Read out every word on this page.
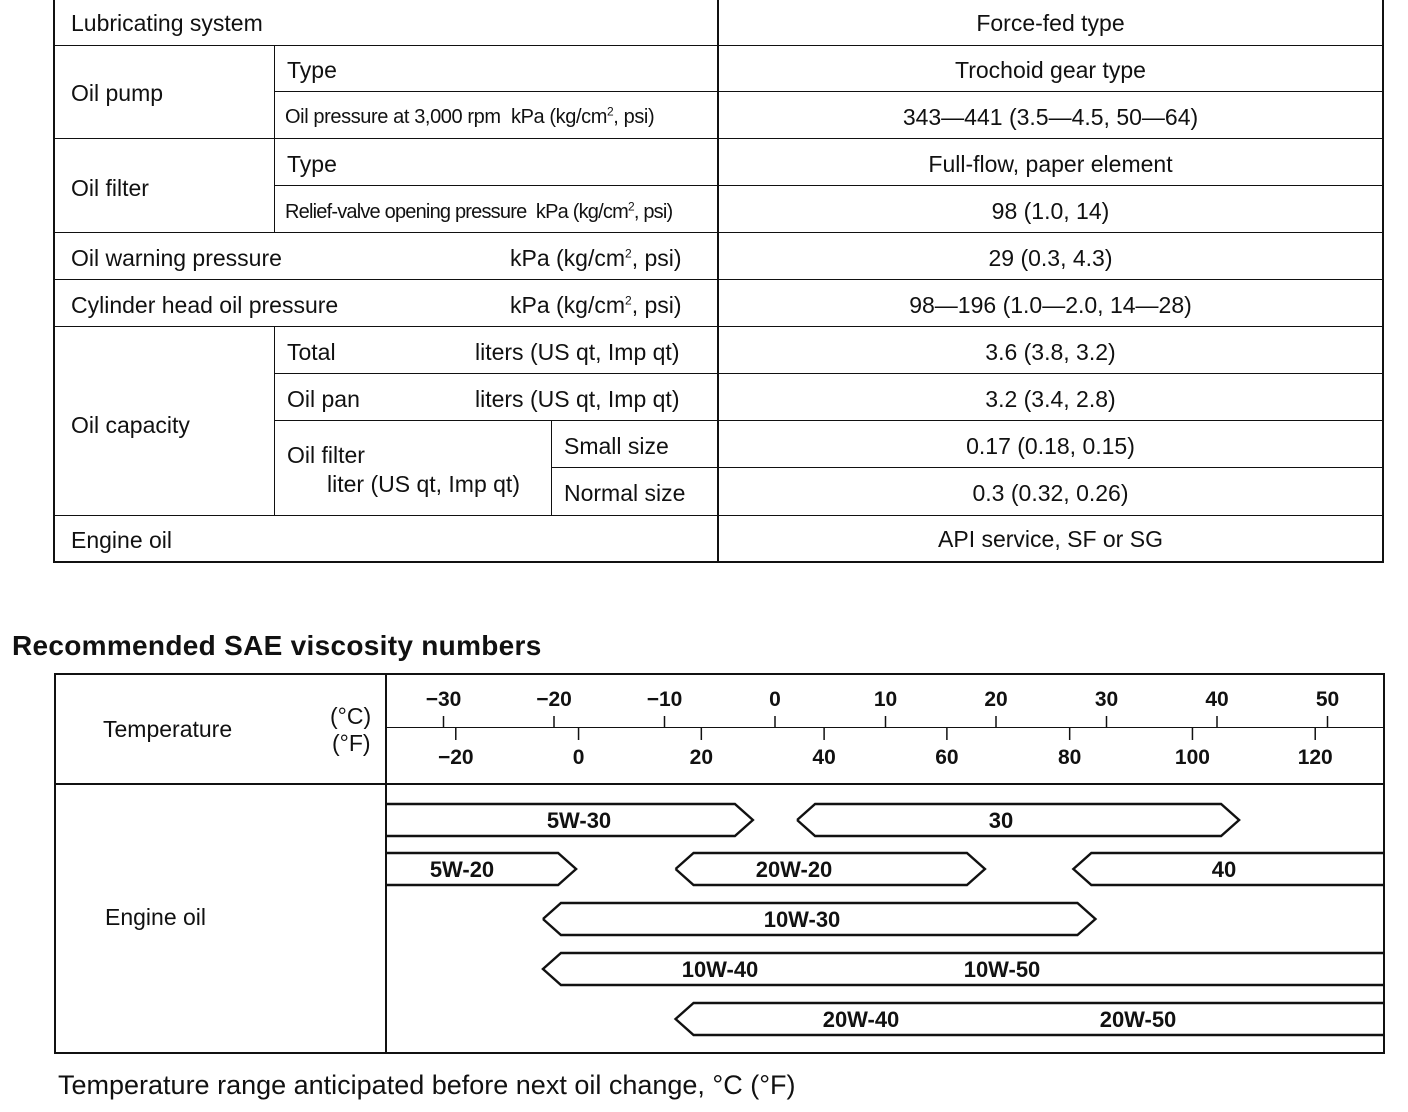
Lubricating system	Force-fed type
Oil pump
Type	Trochoid gear type
Oil pressure at 3,000 rpm kPa ($kg/cm^2$, psi)	343—441 (3.5—4.5, 50—64)
Oil filter
Type	Full-flow, paper element
Relief-valve opening pressure kPa ($kg/cm^2$, psi)	98 (1.0, 14)
Oil warning pressure	kPa ($kg/cm^2$, psi)	29 (0.3, 4.3)
Cylinder head oil pressure	kPa ($kg/cm^2$, psi)	98—196 (1.0—2.0, 14—28)
Oil capacity
Total	liters (US qt, Imp qt)	3.6 (3.8, 3.2)
Oil pan	liters (US qt, Imp qt)	3.2 (3.4, 2.8)
Oil filter
liter (US qt, Imp qt)
Small size	0.17 (0.18, 0.15)
Normal size	0.3 (0.32, 0.26)
Engine oil	API service, SF or SG
Recommended SAE viscosity numbers
Temperature	(°C)
(°F)
−30	−20	−10	0	10	20	30	40	50
−20	0	20	40	60	80	100	120
Engine oil
5W-30	30
5W-20	20W-20	40
10W-30
10W-40	10W-50
20W-40	20W-50
Temperature range anticipated before next oil change, °C (°F)
